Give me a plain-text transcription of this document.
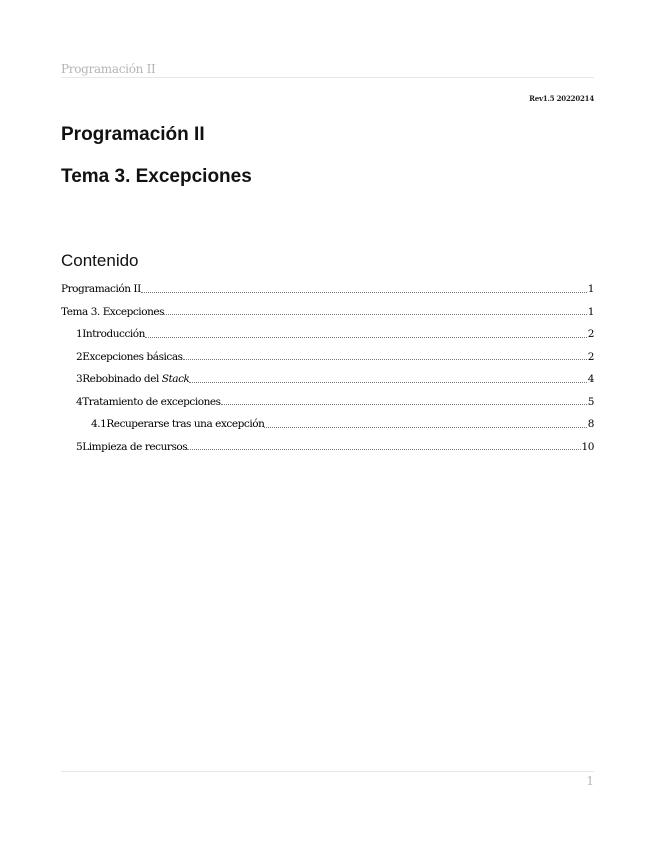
Programación II
Rev1.5 20220214
Programación II
Tema 3. Excepciones
Contenido
Programación II	1
Tema 3. Excepciones	1
1Introducción	2
2Excepciones básicas	2
3Rebobinado del Stack	4
4Tratamiento de excepciones	5
4.1Recuperarse tras una excepción	8
5Limpieza de recursos	10
1
